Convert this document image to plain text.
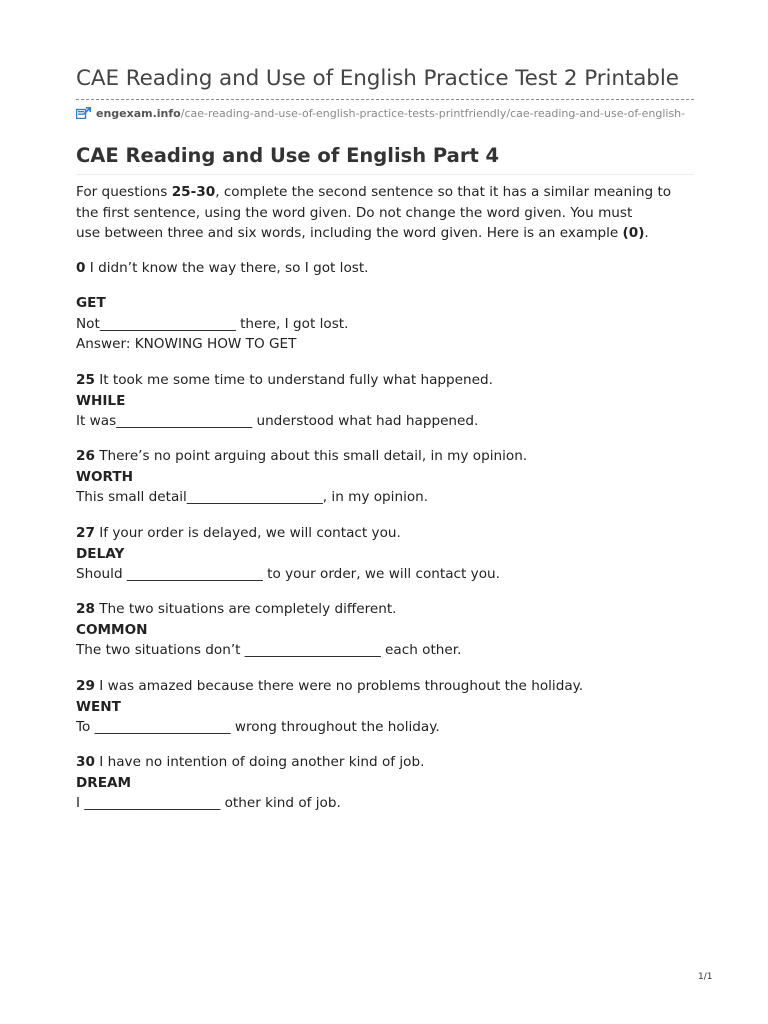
CAE Reading and Use of English Practice Test 2 Printable
engexam.info /cae-reading-and-use-of-english-practice-tests-printfriendly/cae-reading-and-use-of-english-
CAE Reading and Use of English Part 4

For questions 25-30, complete the second sentence so that it has a similar meaning to

the first sentence, using the word given. Do not change the word given. You must

use between three and six words, including the word given. Here is an example (0).

0 I didn’t know the way there, so I got lost.
GET
Not____________________ there, I got lost.
Answer: KNOWING HOW TO GET
25 It took me some time to understand fully what happened.
WHILE
It was____________________ understood what had happened.
26 There’s no point arguing about this small detail, in my opinion.
WORTH
This small detail____________________, in my opinion.
27 If your order is delayed, we will contact you.
DELAY
Should ____________________ to your order, we will contact you.
28 The two situations are completely different.
COMMON
The two situations don’t ____________________ each other.
29 I was amazed because there were no problems throughout the holiday.
WENT
To ____________________ wrong throughout the holiday.
30 I have no intention of doing another kind of job.
DREAM
I ____________________ other kind of job.
1/1
